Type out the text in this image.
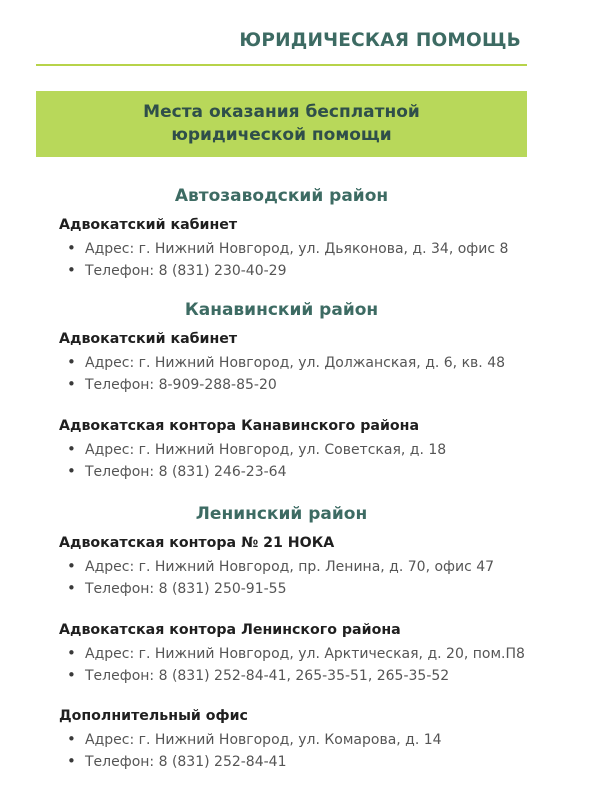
ЮРИДИЧЕСКАЯ ПОМОЩЬ
Места оказания бесплатной
юридической помощи
Автозаводский район
Адвокатский кабинет
• Адрес: г. Нижний Новгород, ул. Дьяконова, д. 34, офис 8
• Телефон: 8 (831) 230-40-29
Канавинский район
Адвокатский кабинет
• Адрес: г. Нижний Новгород, ул. Должанская, д. 6, кв. 48
• Телефон: 8-909-288-85-20
Адвокатская контора Канавинского района
• Адрес: г. Нижний Новгород, ул. Советская, д. 18
• Телефон: 8 (831) 246-23-64
Ленинский район
Адвокатская контора № 21 НОКА
• Адрес: г. Нижний Новгород, пр. Ленина, д. 70, офис 47
• Телефон: 8 (831) 250-91-55
Адвокатская контора Ленинского района
• Адрес: г. Нижний Новгород, ул. Арктическая, д. 20, пом.П8
• Телефон: 8 (831) 252-84-41, 265-35-51, 265-35-52
Дополнительный офис
• Адрес: г. Нижний Новгород, ул. Комарова, д. 14
• Телефон: 8 (831) 252-84-41
